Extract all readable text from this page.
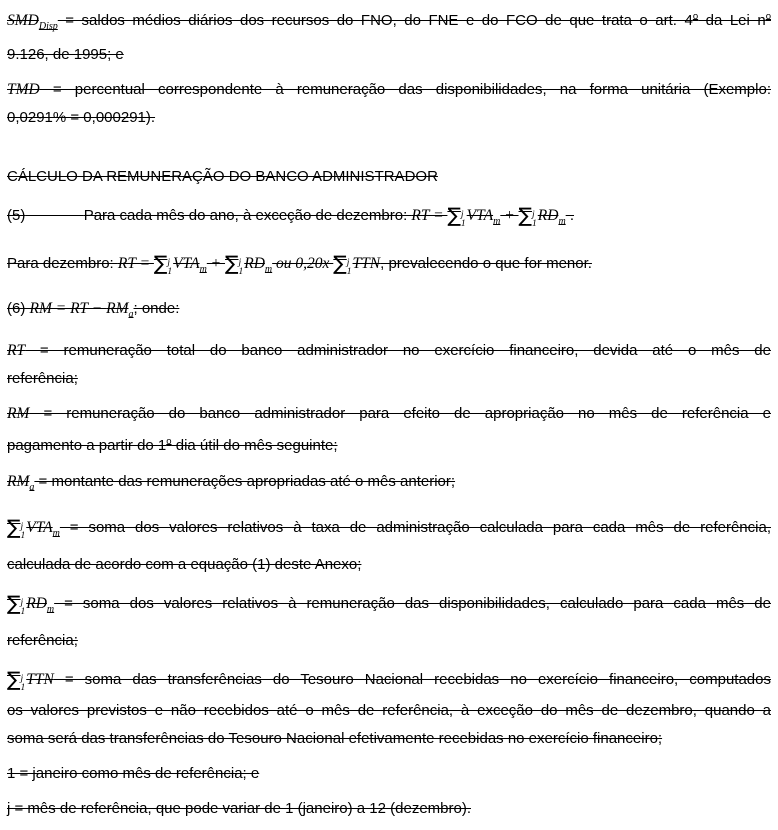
$SMD_{Disp}$ = saldos médios diários dos recursos do FNO, do FNE e do FCO de que trata o art. 4$^o$ da Lei $n^o$
9.126, de 1995; e
TMD = percentual correspondente à remuneração das disponibilidades, na forma unitária (Exemplo:
0,0291% = 0,000291).
CÁLCULO DA REMUNERAÇÃO DO BANCO ADMINISTRADOR
(5)	Para cada mês do ano, à exceção de dezembro: RT = ∑ j
1 $VTA_m$ + ∑ j
1 $RD_m$ .
Para dezembro: RT = ∑ j
1 $VTA_m$ + ∑ j
1 $RD_m$ ou 0,20x ∑ j
1 TTN, prevalecendo o que for menor.
(6) RM = RT − $RM_a$; onde:
RT = remuneração total do banco administrador no exercício financeiro, devida até o mês de
referência;
RM = remuneração do banco administrador para efeito de apropriação no mês de referência e
pagamento a partir do 1$^o$ dia útil do mês seguinte;
$RM_a$ = montante das remunerações apropriadas até o mês anterior;
∑ j
1 $VTA_m$ = soma dos valores relativos à taxa de administração calculada para cada mês de referência,
calculada de acordo com a equação (1) deste Anexo;
∑ j
1 $RD_m$ = soma dos valores relativos à remuneração das disponibilidades, calculado para cada mês de
referência;
∑ j
1 TTN = soma das transferências do Tesouro Nacional recebidas no exercício financeiro, computados
os valores previstos e não recebidos até o mês de referência, à exceção do mês de dezembro, quando a
soma será das transferências do Tesouro Nacional efetivamente recebidas no exercício financeiro;
1 = janeiro como mês de referência; e
j = mês de referência, que pode variar de 1 (janeiro) a 12 (dezembro).
